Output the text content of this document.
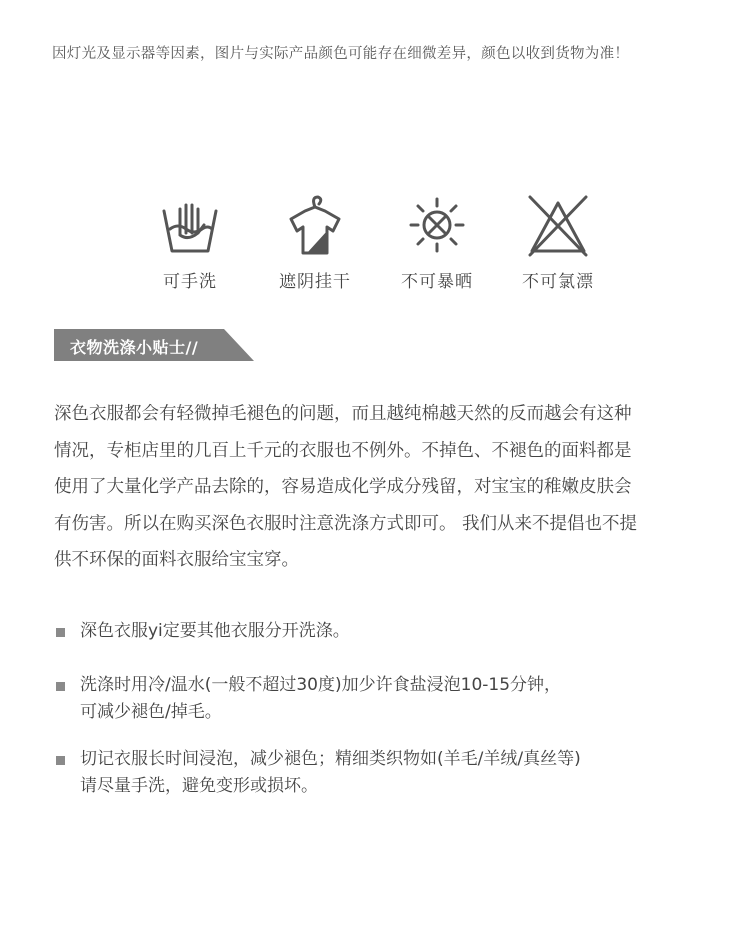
因灯光及显示器等因素，图片与实际产品颜色可能存在细微差异，颜色以收到货物为准！
可手洗	遮阴挂干	不可暴晒	不可氯漂
衣物洗涤小贴士//
深色衣服都会有轻微掉毛褪色的问题，而且越纯棉越天然的反而越会有这种
情况，专柜店里的几百上千元的衣服也不例外。不掉色、不褪色的面料都是
使用了大量化学产品去除的，容易造成化学成分残留，对宝宝的稚嫩皮肤会
有伤害。所以在购买深色衣服时注意洗涤方式即可。 我们从来不提倡也不提
供不环保的面料衣服给宝宝穿。
深色衣服yi定要其他衣服分开洗涤。
洗涤时用冷/温水(一般不超过30度)加少许食盐浸泡10-15分钟，
可减少褪色/掉毛。
切记衣服长时间浸泡，减少褪色；精细类织物如(羊毛/羊绒/真丝等)
请尽量手洗，避免变形或损坏。
